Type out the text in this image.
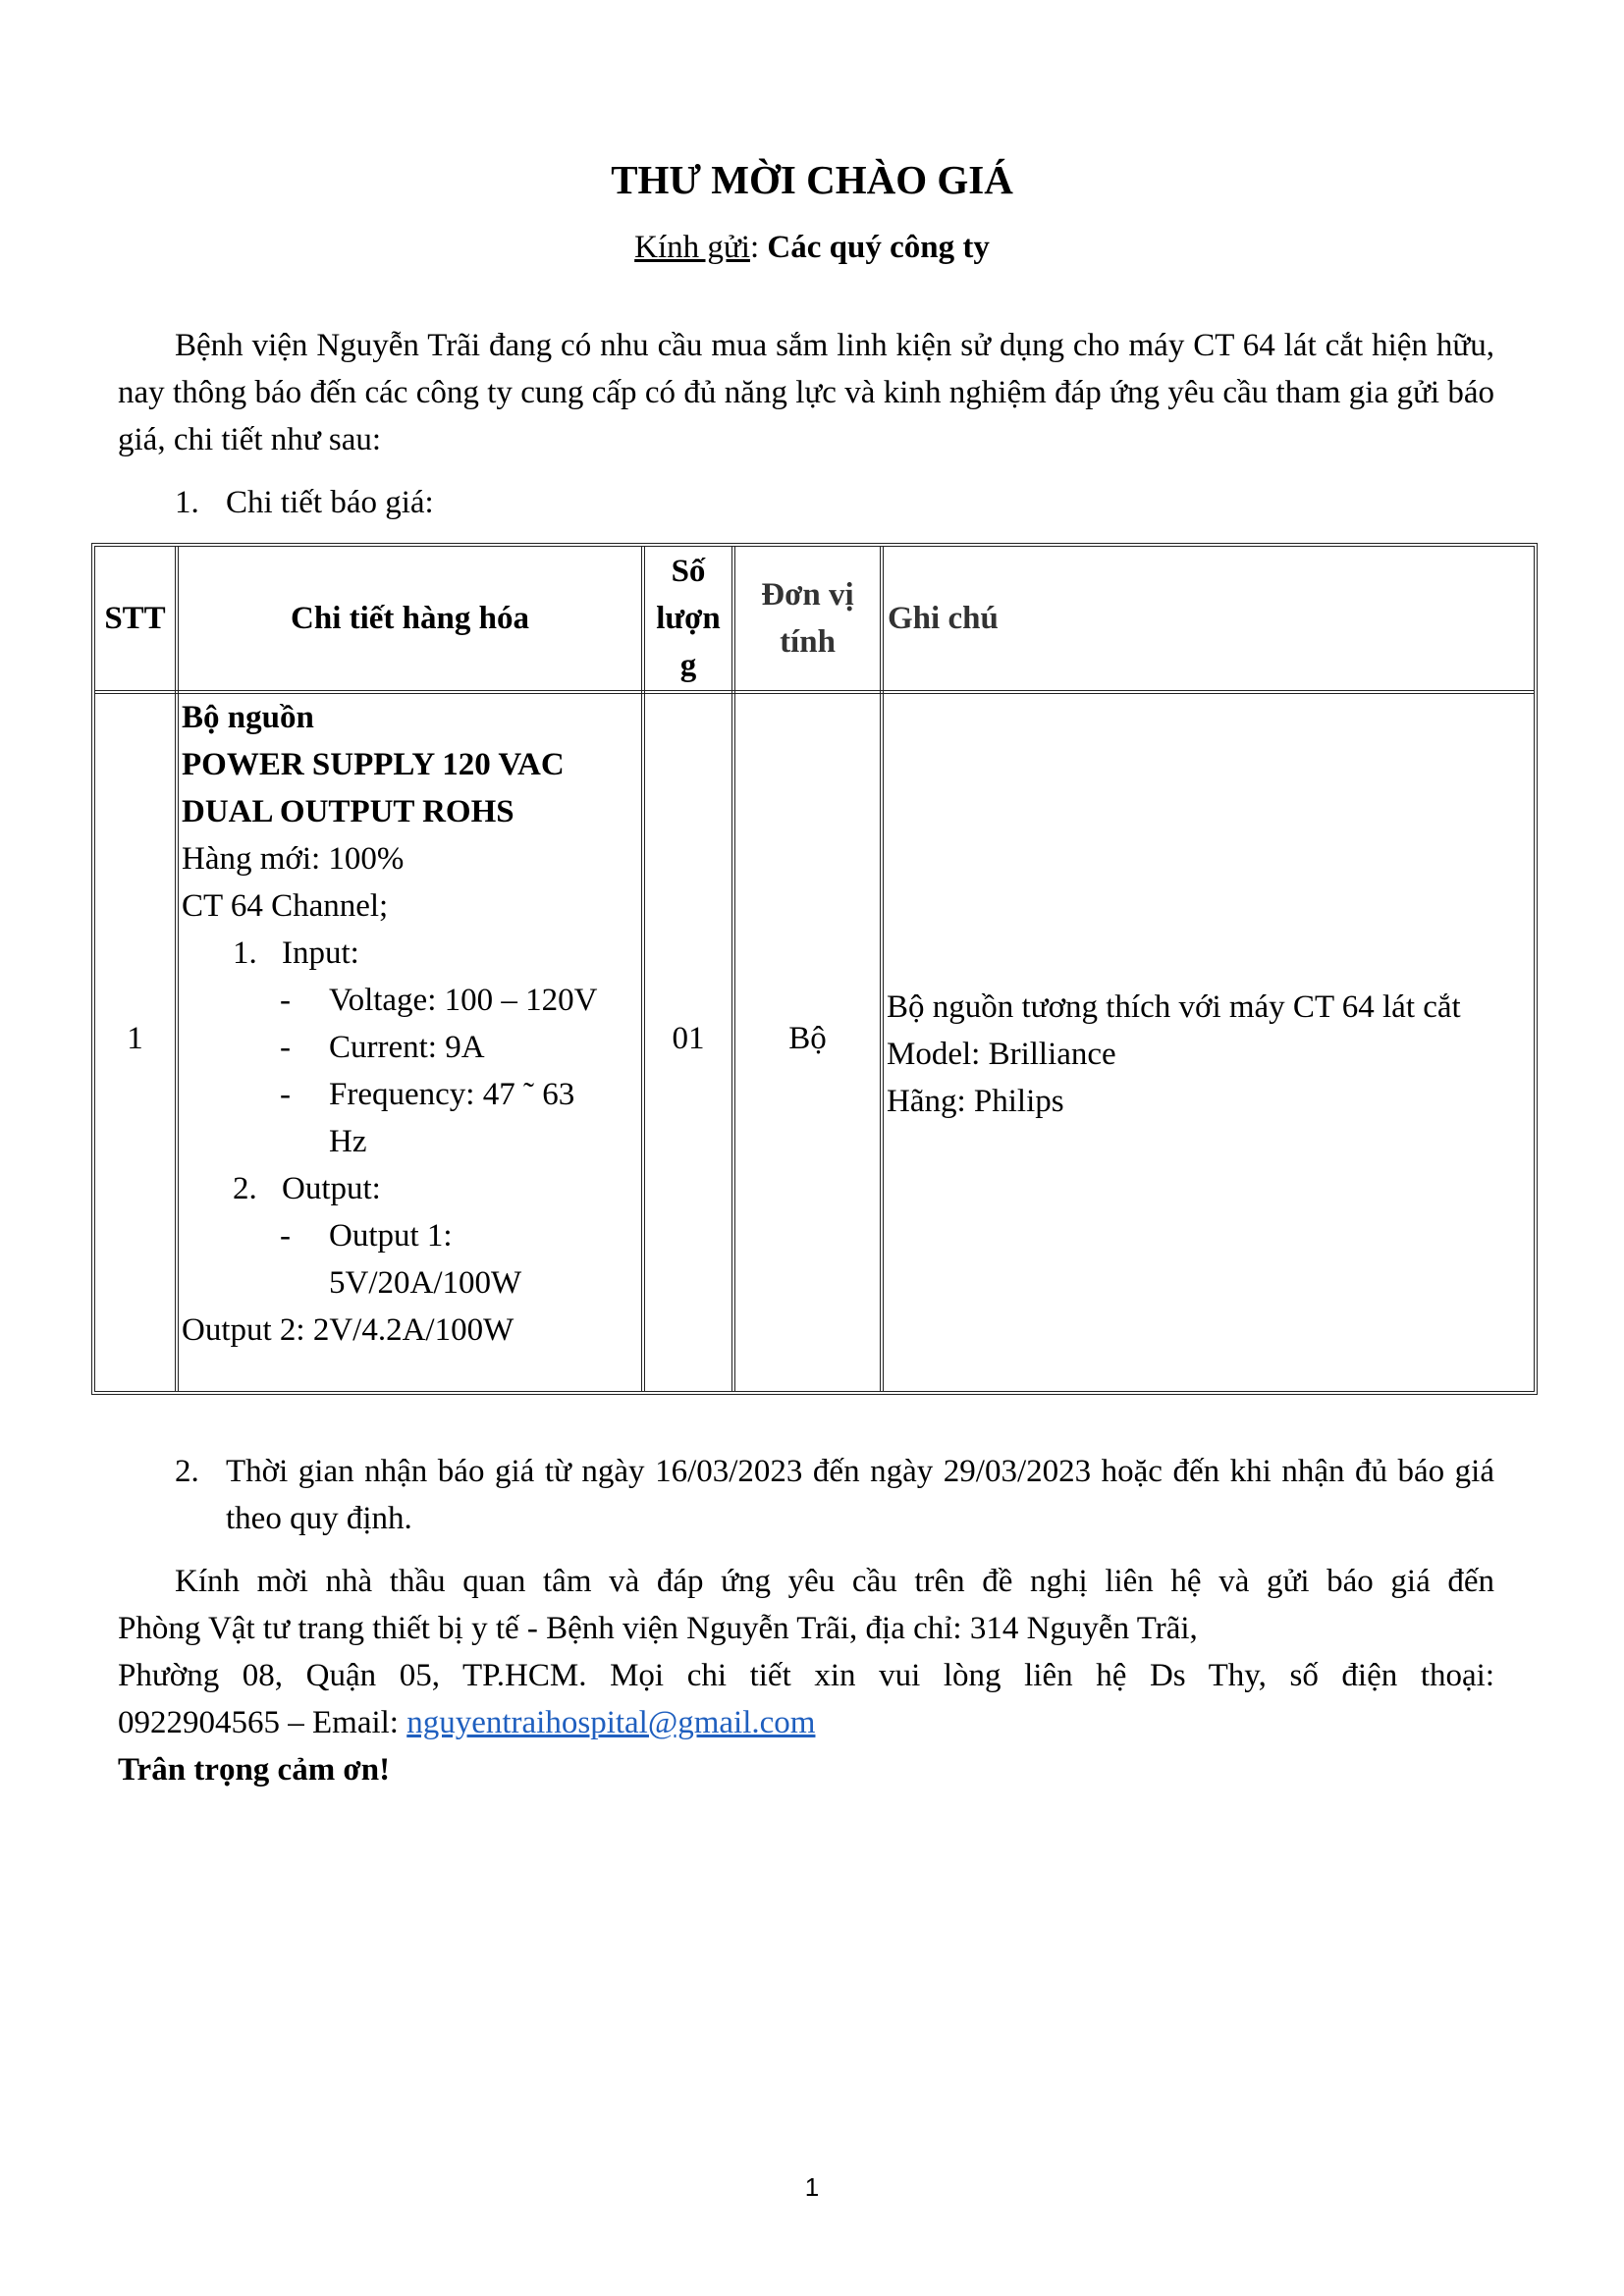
THƯ MỜI CHÀO GIÁ
Kính gửi: Các quý công ty
Bệnh viện Nguyễn Trãi đang có nhu cầu mua sắm linh kiện sử dụng cho máy CT 64 lát cắt hiện hữu, nay thông báo đến các công ty cung cấp có đủ năng lực và kinh nghiệm đáp ứng yêu cầu tham gia gửi báo giá, chi tiết như sau:
1. Chi tiết báo giá:
STT	Chi tiết hàng hóa
Số
lượn
g
Đơn vị
tính
Ghi chú
1
Bộ nguồn
POWER SUPPLY 120 VAC
DUAL OUTPUT ROHS
Hàng mới: 100%
CT 64 Channel;
1. Input:
- Voltage: 100 – 120V
- Current: 9A
- Frequency: 47 ˜ 63
Hz
2. Output:
- Output 1:
5V/20A/100W
Output 2: 2V/4.2A/100W
01	Bộ
Bộ nguồn tương thích với máy CT 64 lát cắt
Model: Brilliance
Hãng: Philips
2. Thời gian nhận báo giá từ ngày 16/03/2023 đến ngày 29/03/2023 hoặc đến khi nhận đủ báo giá theo quy định.
Kính mời nhà thầu quan tâm và đáp ứng yêu cầu trên đề nghị liên hệ và gửi báo giá đến
Phòng Vật tư trang thiết bị y tế - Bệnh viện Nguyễn Trãi, địa chỉ: 314 Nguyễn Trãi,
Phường 08, Quận 05, TP.HCM. Mọi chi tiết xin vui lòng liên hệ Ds Thy, số điện thoại:
0922904565 – Email: nguyentraihospital@gmail.com
Trân trọng cảm ơn!
1
